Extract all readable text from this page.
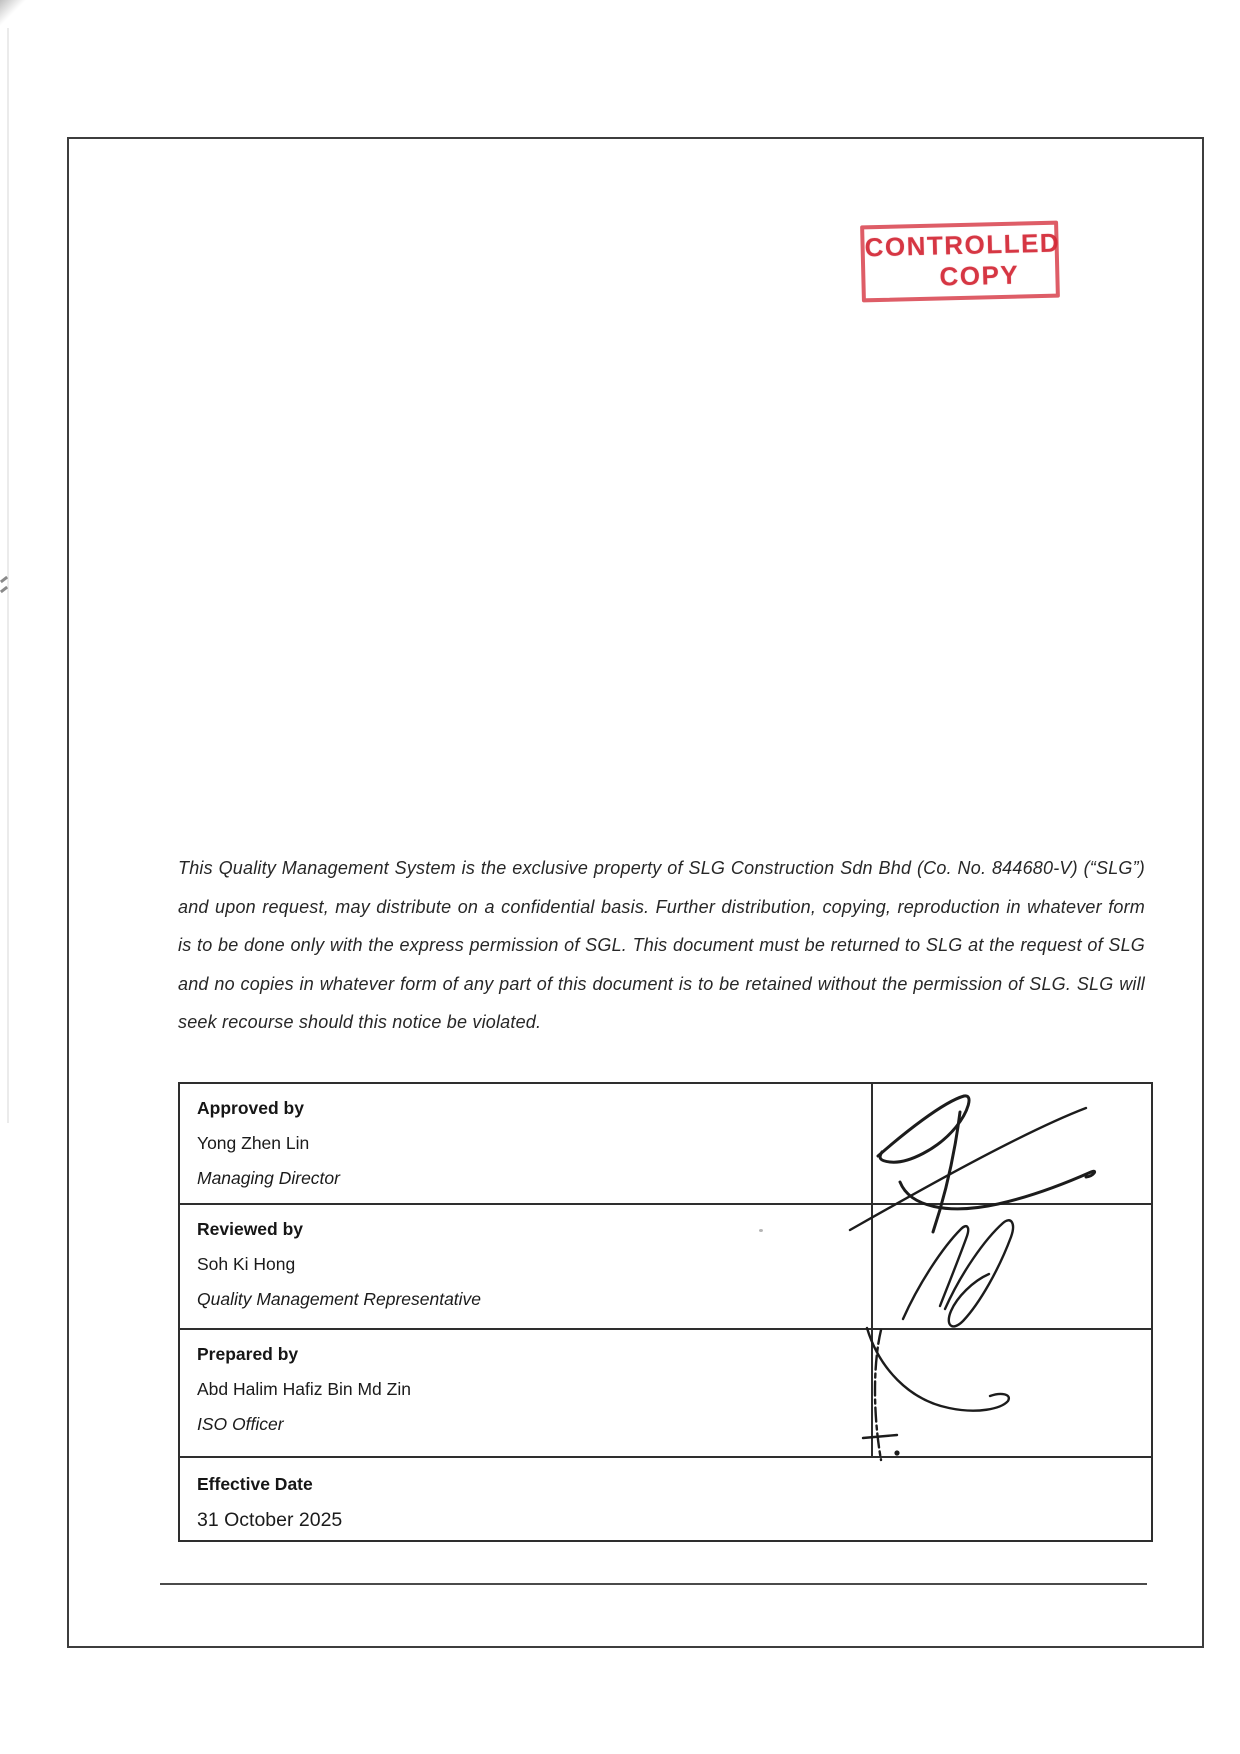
CONTROLLED
COPY

This Quality Management System is the exclusive property of SLG Construction Sdn Bhd (Co. No. 844680-V) (“SLG”) and upon request, may distribute on a confidential basis. Further distribution, copying, reproduction in whatever form is to be done only with the express permission of SGL. This document must be returned to SLG at the request of SLG and no copies in whatever form of any part of this document is to be retained without the permission of SLG. SLG will seek recourse should this notice be violated.

Approved by
Yong Zhen Lin
Managing Director
Reviewed by
Soh Ki Hong
Quality Management Representative
Prepared by
Abd Halim Hafiz Bin Md Zin
ISO Officer
Effective Date
31 October 2025
